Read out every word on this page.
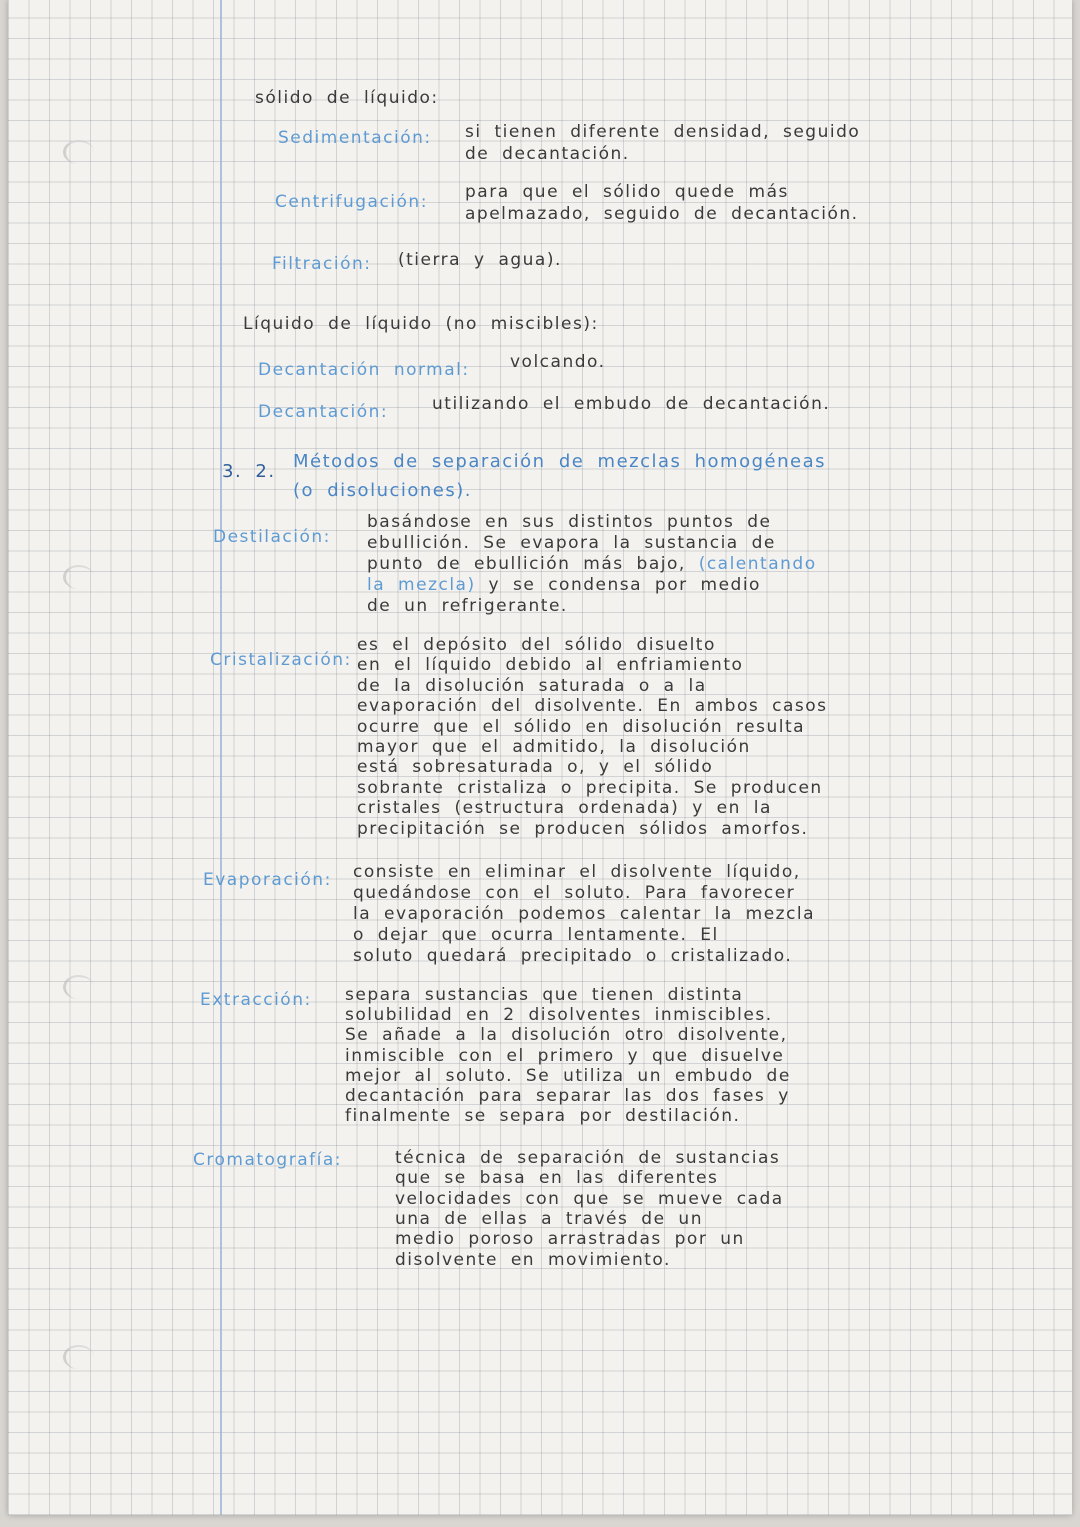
sólido de líquido:
Sedimentación: si tienen diferente densidad, seguido
de decantación.
Centrifugación: para que el sólido quede más
apelmazado, seguido de decantación.
Filtración: (tierra y agua).
Líquido de líquido (no miscibles):
Decantación normal: volcando.
Decantación:	utilizando el embudo de decantación.
3. 2. Métodos de separación de mezclas homogéneas
(o disoluciones).
Destilación:
basándose en sus distintos puntos de
ebullición. Se evapora la sustancia de
punto de ebullición más bajo, (calentando
la mezcla) y se condensa por medio
de un refrigerante.
Cristalización:
es el depósito del sólido disuelto
en el líquido debido al enfriamiento
de la disolución saturada o a la
evaporación del disolvente. En ambos casos
ocurre que el sólido en disolución resulta
mayor que el admitido, la disolución
está sobresaturada o, y el sólido
sobrante cristaliza o precipita. Se producen
cristales (estructura ordenada) y en la
precipitación se producen sólidos amorfos.
Evaporación: consiste en eliminar el disolvente líquido,
quedándose con el soluto. Para favorecer
la evaporación podemos calentar la mezcla
o dejar que ocurra lentamente. El
soluto quedará precipitado o cristalizado.
Extracción: separa sustancias que tienen distinta
solubilidad en 2 disolventes inmiscibles.
Se añade a la disolución otro disolvente,
inmiscible con el primero y que disuelve
mejor al soluto. Se utiliza un embudo de
decantación para separar las dos fases y
finalmente se separa por destilación.
Cromatografía:	técnica de separación de sustancias
que se basa en las diferentes
velocidades con que se mueve cada
una de ellas a través de un
medio poroso arrastradas por un
disolvente en movimiento.
